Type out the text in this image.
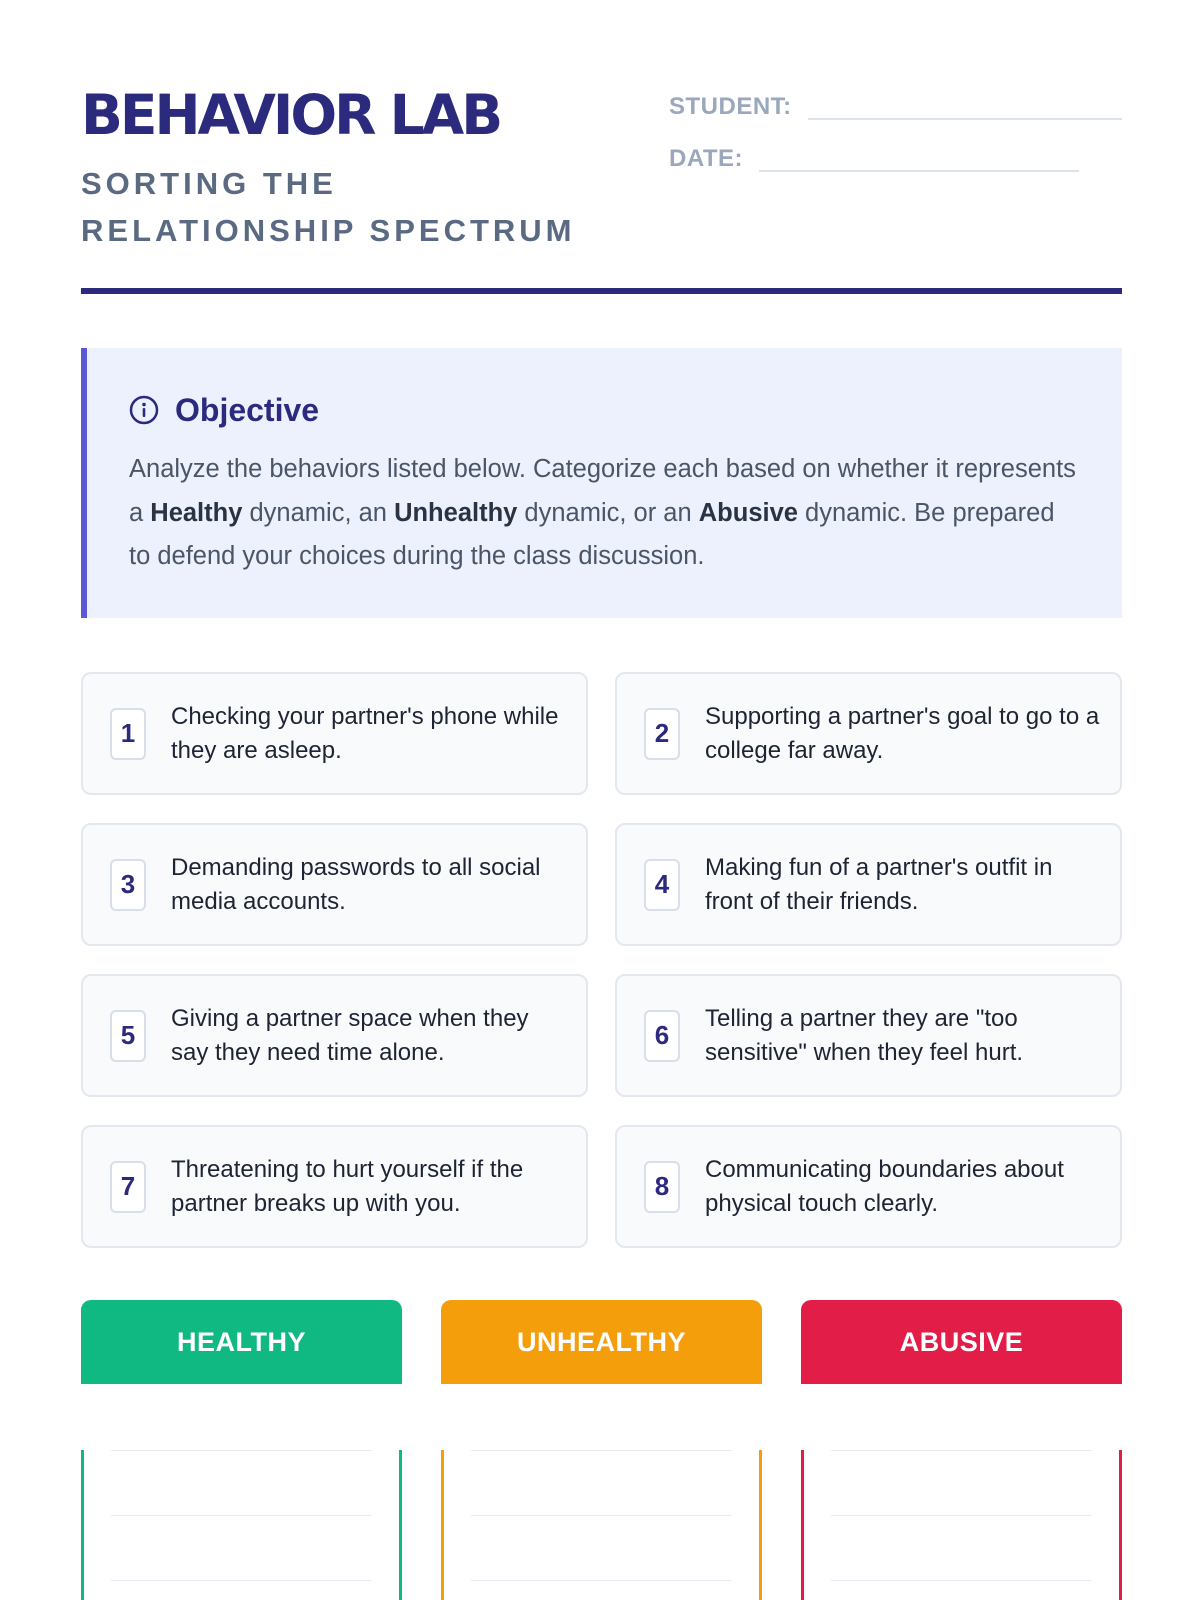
BEHAVIOR LAB
SORTING THE RELATIONSHIP SPECTRUM
STUDENT:
DATE:
Objective

Analyze the behaviors listed below. Categorize each based on whether it represents a Healthy dynamic, an Unhealthy dynamic, or an Abusive dynamic. Be prepared to defend your choices during the class discussion.

1
Checking your partner's phone while they are asleep.
2
Supporting a partner's goal to go to a college far away.
3
Demanding passwords to all social media accounts.
4
Making fun of a partner's outfit in front of their friends.
5
Giving a partner space when they say they need time alone.
6
Telling a partner they are "too sensitive" when they feel hurt.
7
Threatening to hurt yourself if the partner breaks up with you.
8
Communicating boundaries about physical touch clearly.
HEALTHY	UNHEALTHY	ABUSIVE
